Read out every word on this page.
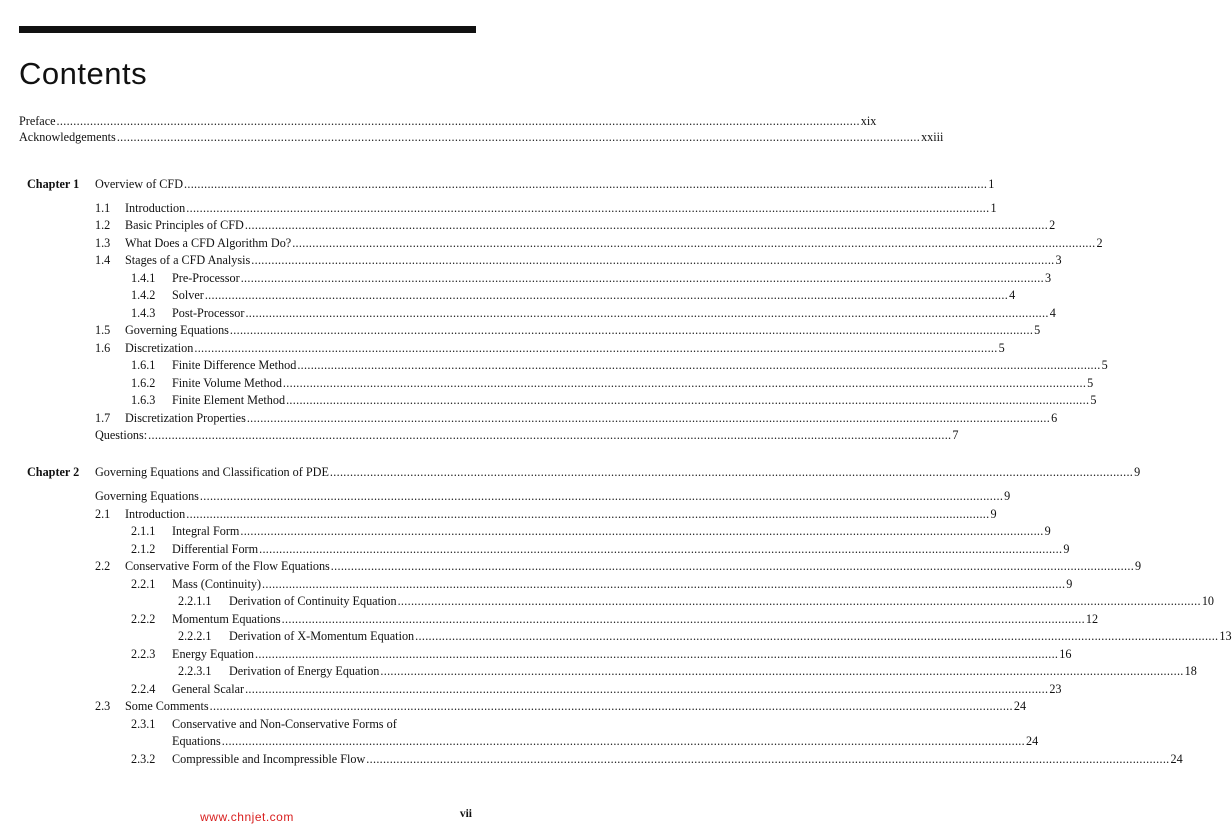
Contents
Preface .....	xix
Acknowledgements .....	xxiii
Chapter 1 Overview of CFD .....	1
1.1	Introduction .....	1
1.2	Basic Principles of CFD .....	2
1.3	What Does a CFD Algorithm Do? .....	2
1.4	Stages of a CFD Analysis .....	3
1.4.1	Pre-Processor .....	3
1.4.2	Solver .....	4
1.4.3	Post-Processor .....	4
1.5	Governing Equations .....	5
1.6	Discretization .....	5
1.6.1	Finite Difference Method .....	5
1.6.2	Finite Volume Method .....	5
1.6.3	Finite Element Method .....	5
1.7	Discretization Properties .....	6
Questions: .....	7
Chapter 2 Governing Equations and Classification of PDE .....	9
Governing Equations .....	9
2.1	Introduction .....	9
2.1.1	Integral Form .....	9
2.1.2	Differential Form .....	9
2.2	Conservative Form of the Flow Equations .....	9
2.2.1	Mass (Continuity) .....	9
2.2.1.1	Derivation of Continuity Equation .....	10
2.2.2	Momentum Equations .....	12
2.2.2.1	Derivation of X-Momentum Equation .....	13
2.2.3	Energy Equation .....	16
2.2.3.1	Derivation of Energy Equation .....	18
2.2.4	General Scalar .....	23
2.3	Some Comments .....	24
2.3.1	Conservative and Non-Conservative Forms of
Equations .....	24
2.3.2	Compressible and Incompressible Flow .....	24
vii
www.chnjet.com
